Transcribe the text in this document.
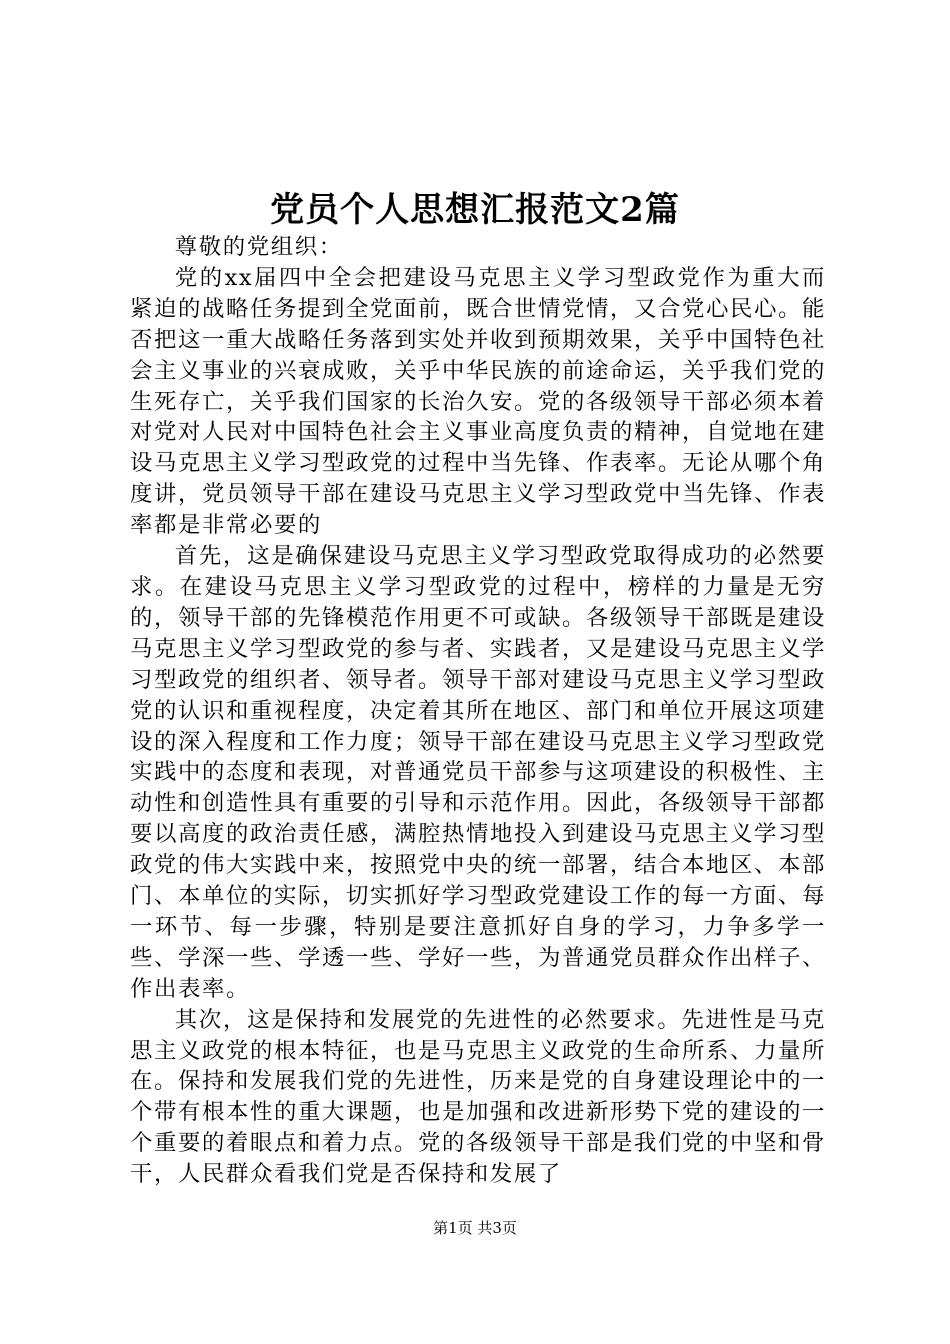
党员个人思想汇报范文2篇

尊敬的党组织：

党的xx届四中全会把建设马克思主义学习型政党作为重大而紧迫的战略任务提到全党面前，既合世情党情，又合党心民心。能否把这一重大战略任务落到实处并收到预期效果，关乎中国特色社会主义事业的兴衰成败，关乎中华民族的前途命运，关乎我们党的生死存亡，关乎我们国家的长治久安。党的各级领导干部必须本着对党对人民对中国特色社会主义事业高度负责的精神，自觉地在建设马克思主义学习型政党的过程中当先锋、作表率。无论从哪个角度讲，党员领导干部在建设马克思主义学习型政党中当先锋、作表率都是非常必要的

首先，这是确保建设马克思主义学习型政党取得成功的必然要求。在建设马克思主义学习型政党的过程中，榜样的力量是无穷的，领导干部的先锋模范作用更不可或缺。各级领导干部既是建设马克思主义学习型政党的参与者、实践者，又是建设马克思主义学习型政党的组织者、领导者。领导干部对建设马克思主义学习型政党的认识和重视程度，决定着其所在地区、部门和单位开展这项建设的深入程度和工作力度；领导干部在建设马克思主义学习型政党实践中的态度和表现，对普通党员干部参与这项建设的积极性、主动性和创造性具有重要的引导和示范作用。因此，各级领导干部都要以高度的政治责任感，满腔热情地投入到建设马克思主义学习型政党的伟大实践中来，按照党中央的统一部署，结合本地区、本部门、本单位的实际，切实抓好学习型政党建设工作的每一方面、每一环节、每一步骤，特别是要注意抓好自身的学习，力争多学一些、学深一些、学透一些、学好一些，为普通党员群众作出样子、作出表率。

其次，这是保持和发展党的先进性的必然要求。先进性是马克思主义政党的根本特征，也是马克思主义政党的生命所系、力量所在。保持和发展我们党的先进性，历来是党的自身建设理论中的一个带有根本性的重大课题，也是加强和改进新形势下党的建设的一个重要的着眼点和着力点。党的各级领导干部是我们党的中坚和骨干，人民群众看我们党是否保持和发展了

第1页 共3页
